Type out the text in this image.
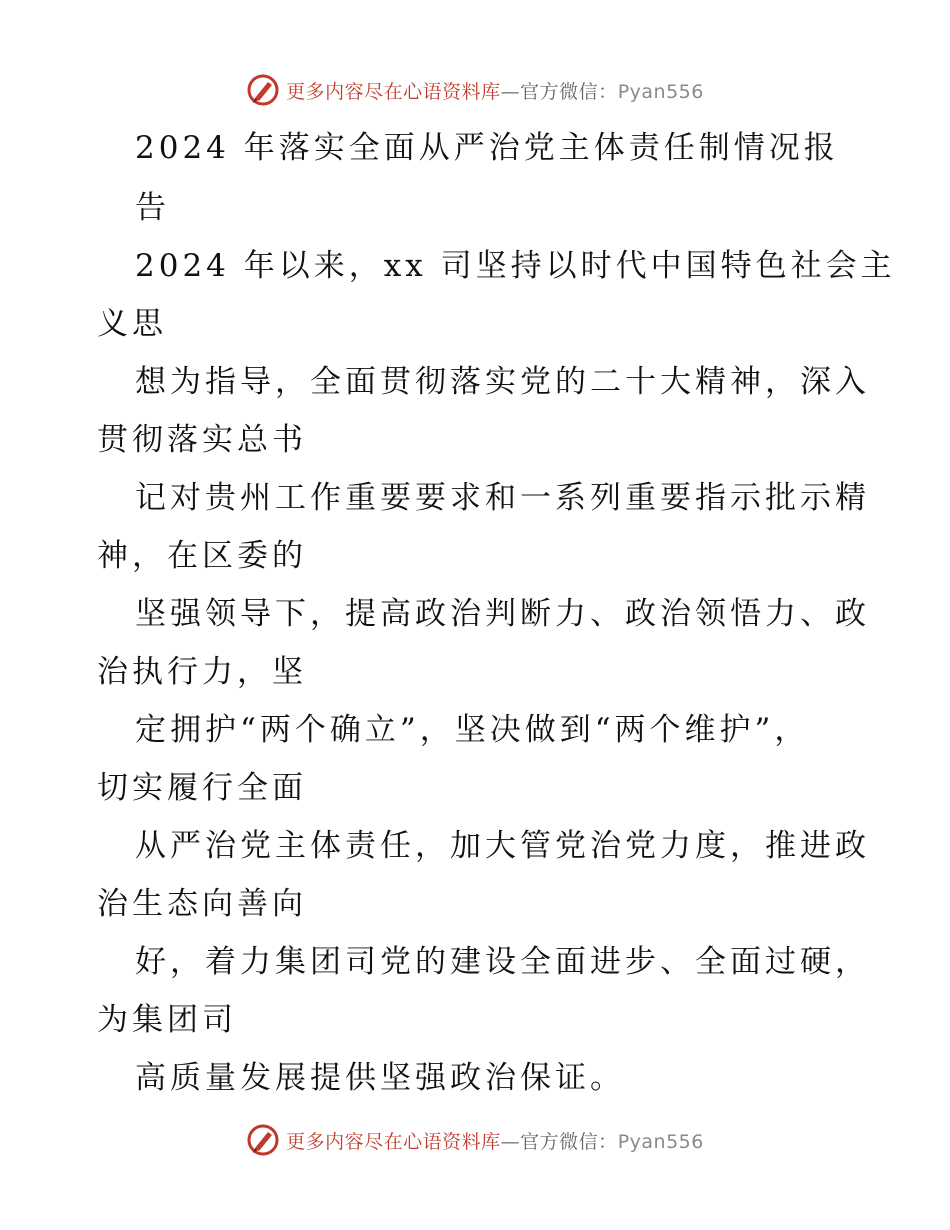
更多内容尽在心语资料库—官方微信：Pyan556
2024 年落实全面从严治党主体责任制情况报
告
2024 年以来，xx 司坚持以时代中国特色社会主
义思
想为指导，全面贯彻落实党的二十大精神，深入
贯彻落实总书
记对贵州工作重要要求和一系列重要指示批示精
神，在区委的
坚强领导下，提高政治判断力、政治领悟力、政
治执行力，坚
定拥护“两个确立”，坚决做到“两个维护”，
切实履行全面
从严治党主体责任，加大管党治党力度，推进政
治生态向善向
好，着力集团司党的建设全面进步、全面过硬，
为集团司
高质量发展提供坚强政治保证。
更多内容尽在心语资料库—官方微信：Pyan556
